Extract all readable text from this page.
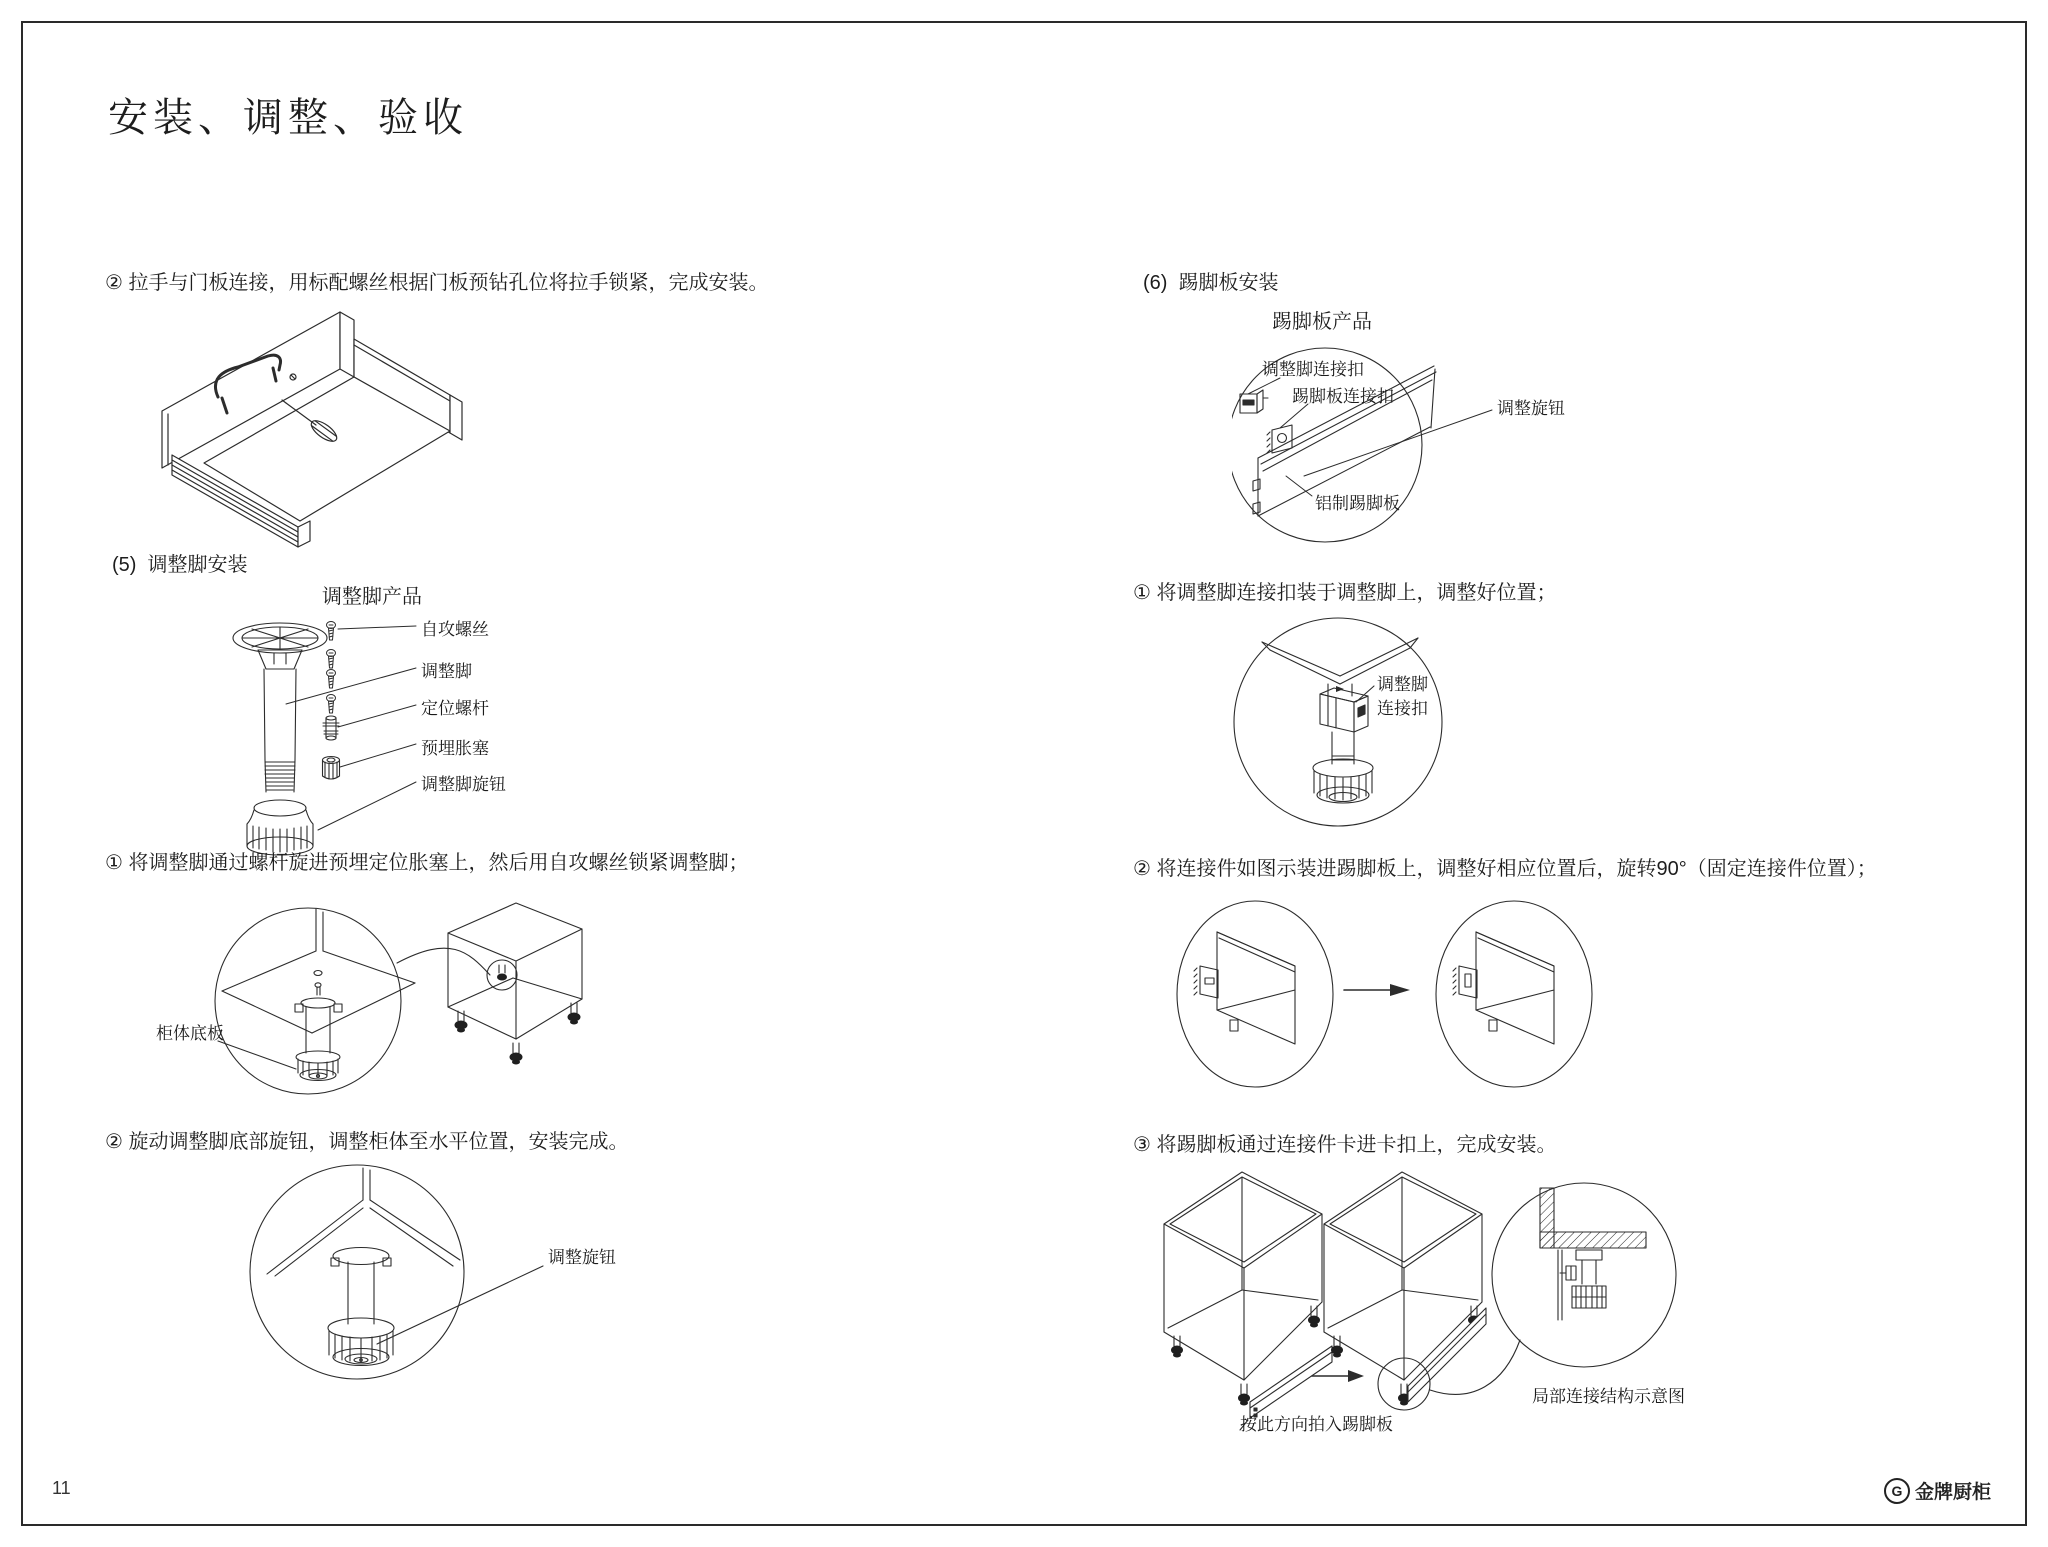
安装、调整、验收
② 拉手与门板连接，用标配螺丝根据门板预钻孔位将拉手锁紧，完成安装。
(5)  调整脚安装
调整脚产品
自攻螺丝
调整脚
定位螺杆
预埋胀塞
调整脚旋钮
① 将调整脚通过螺杆旋进预埋定位胀塞上，然后用自攻螺丝锁紧调整脚；
柜体底板
② 旋动调整脚底部旋钮，调整柜体至水平位置，安装完成。
调整旋钮
(6)  踢脚板安装
踢脚板产品
调整脚连接扣
踢脚板连接扣
调整旋钮
铝制踢脚板
① 将调整脚连接扣装于调整脚上，调整好位置；
调整脚
连接扣
② 将连接件如图示装进踢脚板上，调整好相应位置后，旋转90°（固定连接件位置）；
③ 将踢脚板通过连接件卡进卡扣上，完成安装。
按此方向拍入踢脚板
局部连接结构示意图
11	G 金牌厨柜
